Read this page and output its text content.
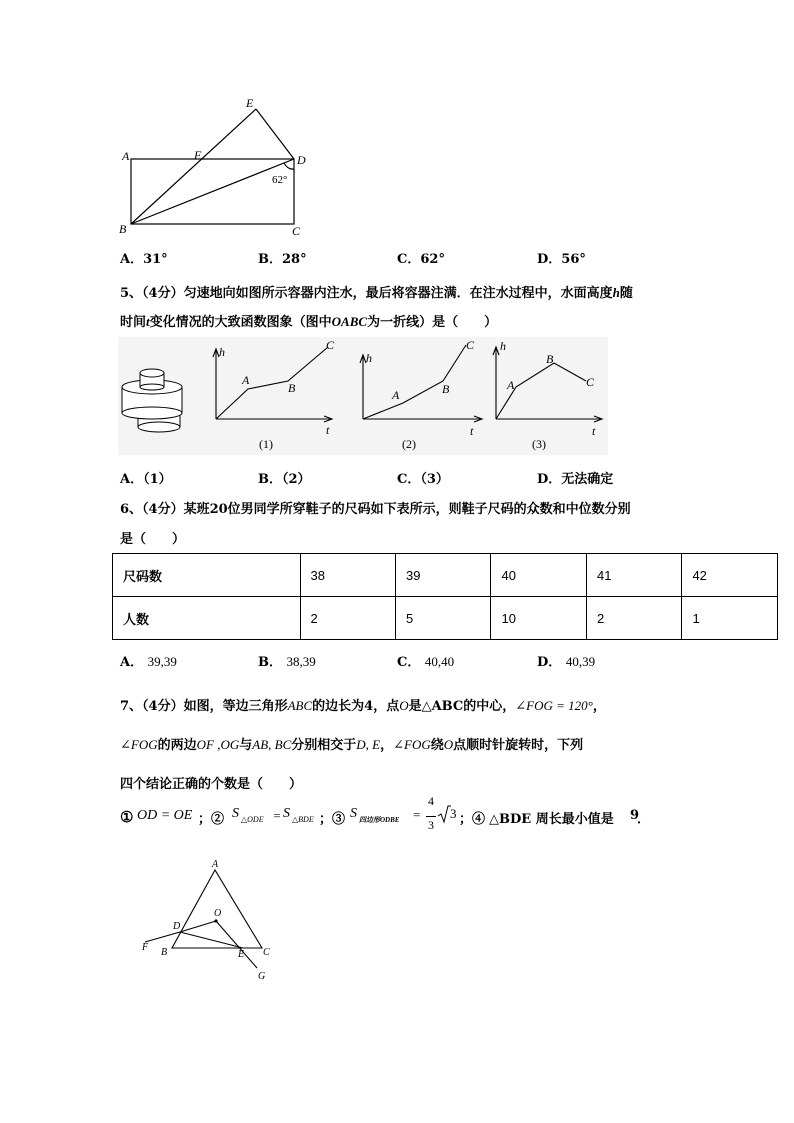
E
A	F	D
B	C
62°
A．31°	B．28°	C．62°	D．56°
5、（4分）匀速地向如图所示容器内注水，最后将容器注满．在注水过程中，水面高度h随
时间t变化情况的大致函数图象（图中OABC为一折线）是（　　）
h
t
A
B
C
(1)
h
t
A	B
C
(2)
h
t
A
B
C
(3)
A．（1）	B．（2）	C．（3）	D．无法确定
6、（4分）某班20位男同学所穿鞋子的尺码如下表所示，则鞋子尺码的众数和中位数分别
是（　　）
尺码数	38	39	40	41	42
人数	2	5	10	2	1
A． 39,39	B． 38,39	C． 40,40	D． 40,39
7、（4分）如图，等边三角形ABC的边长为4，点O是△ABC的中心，∠FOG = 120°，
∠FOG的两边OF ,OG与AB, BC分别相交于D, E，∠FOG绕O点顺时针旋转时，下列
四个结论正确的个数是（　　）
① OD = OE ；② S △ODE = S △BDE ；③ S 四边形ODBE =
4
3
3 ；④ △BDE 周长最小值是 9
．
A
O
D
F B	E C
G
